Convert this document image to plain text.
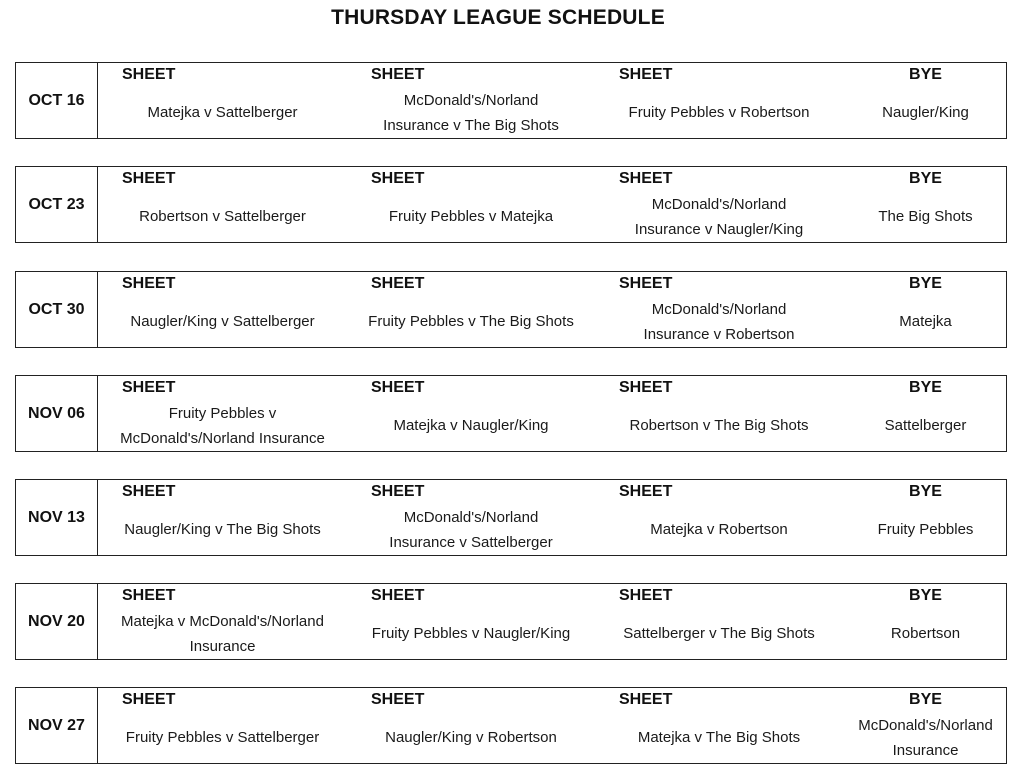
THURSDAY LEAGUE SCHEDULE
OCT 16
SHEET
Matejka v Sattelberger
SHEET
McDonald's/Norland Insurance v The Big Shots
SHEET
Fruity Pebbles v Robertson
BYE
Naugler/King
OCT 23
SHEET
Robertson v Sattelberger
SHEET
Fruity Pebbles v Matejka
SHEET
McDonald's/Norland Insurance v Naugler/King
BYE
The Big Shots
OCT 30
SHEET
Naugler/King v Sattelberger
SHEET
Fruity Pebbles v The Big Shots
SHEET
McDonald's/Norland Insurance v Robertson
BYE
Matejka
NOV 06
SHEET
Fruity Pebbles v McDonald's/Norland Insurance
SHEET
Matejka v Naugler/King
SHEET
Robertson v The Big Shots
BYE
Sattelberger
NOV 13
SHEET
Naugler/King v The Big Shots
SHEET
McDonald's/Norland Insurance v Sattelberger
SHEET
Matejka v Robertson
BYE
Fruity Pebbles
NOV 20
SHEET
Matejka v McDonald's/Norland Insurance
SHEET
Fruity Pebbles v Naugler/King
SHEET
Sattelberger v The Big Shots
BYE
Robertson
NOV 27
SHEET
Fruity Pebbles v Sattelberger
SHEET
Naugler/King v Robertson
SHEET
Matejka v The Big Shots
BYE
McDonald's/Norland Insurance
